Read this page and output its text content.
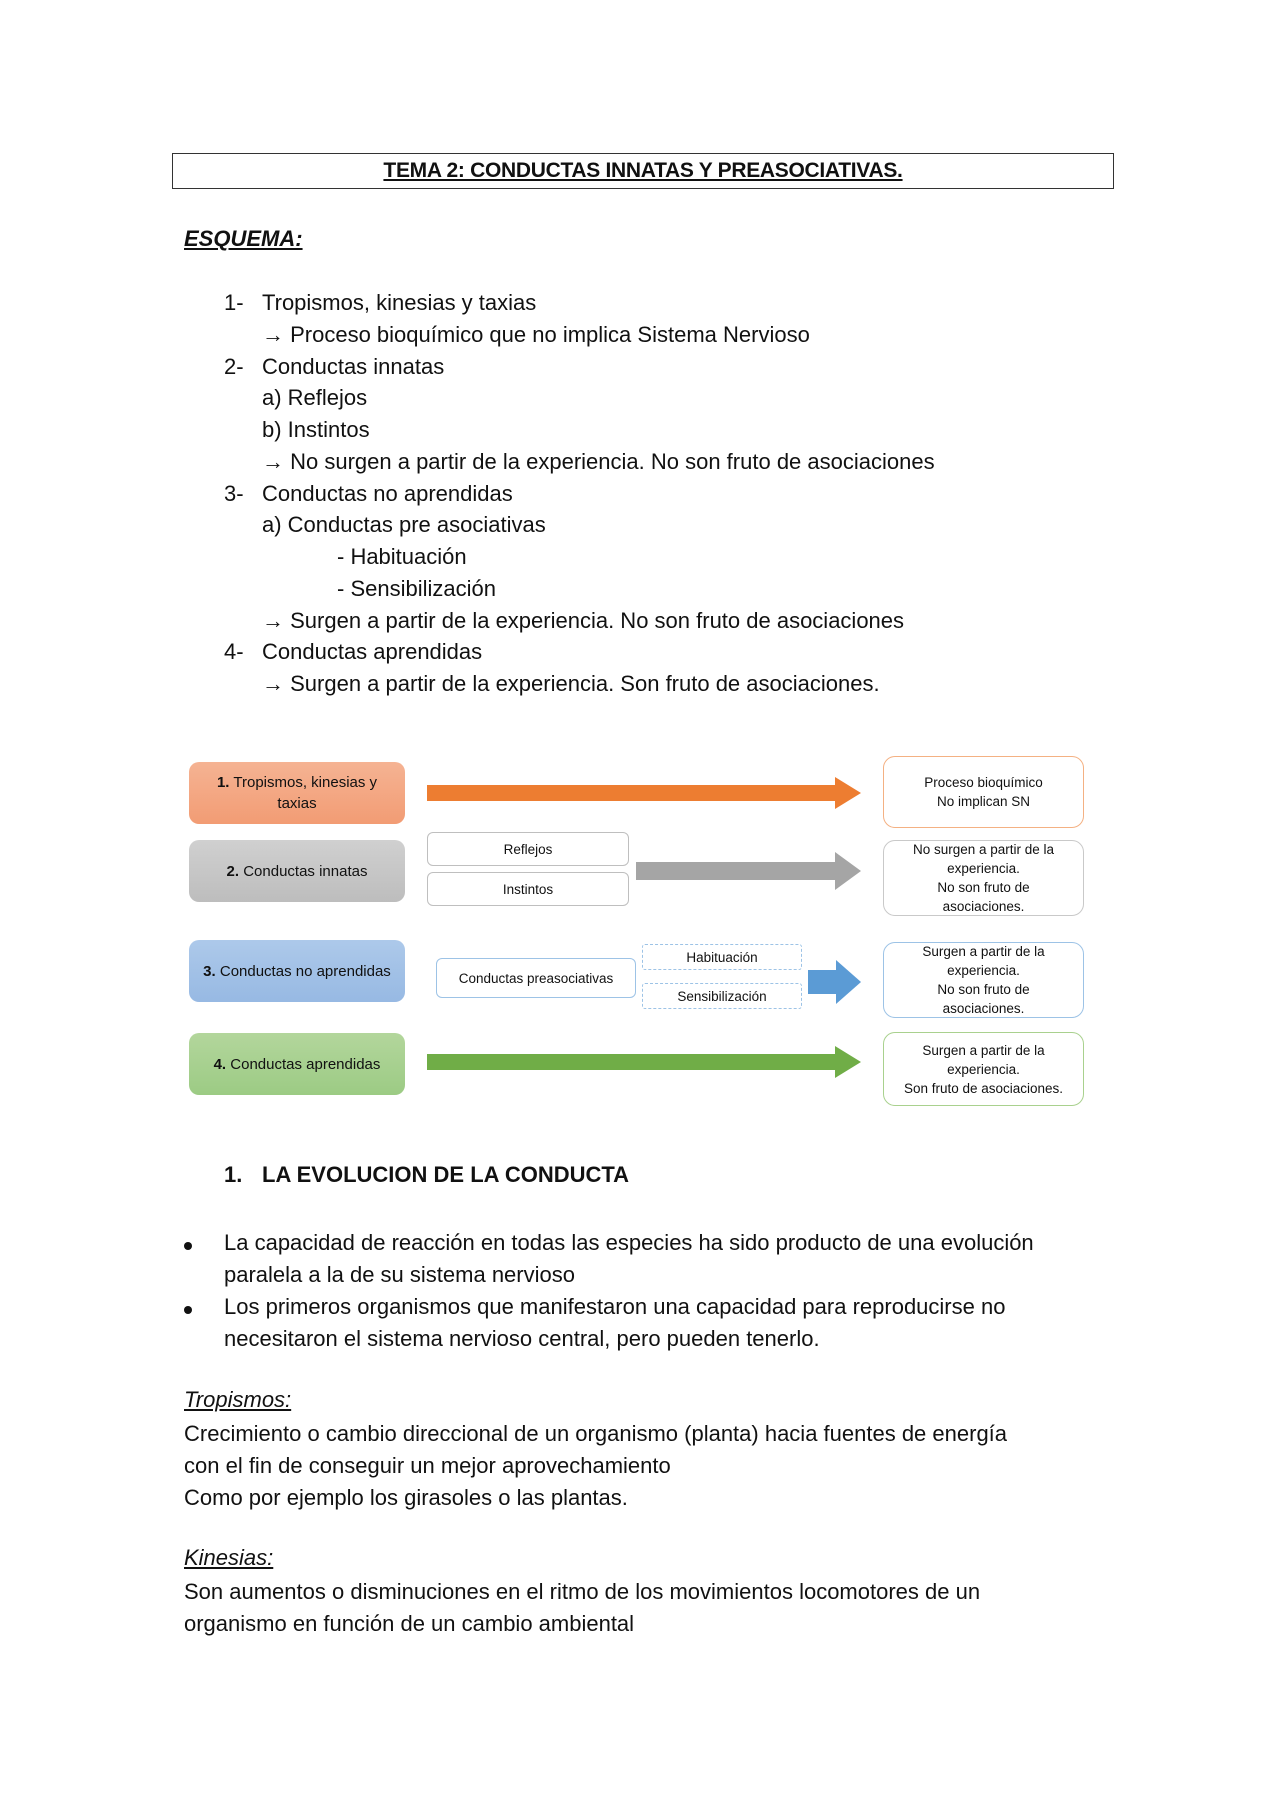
TEMA 2: CONDUCTAS INNATAS Y PREASOCIATIVAS.
ESQUEMA:
1- Tropismos, kinesias y taxias
→ Proceso bioquímico que no implica Sistema Nervioso
2- Conductas innatas
a) Reflejos
b) Instintos
→ No surgen a partir de la experiencia. No son fruto de asociaciones
3- Conductas no aprendidas
a) Conductas pre asociativas
- Habituación
- Sensibilización
→ Surgen a partir de la experiencia. No son fruto de asociaciones
4- Conductas aprendidas
→ Surgen a partir de la experiencia. Son fruto de asociaciones.
1. Tropismos, kinesias y taxias
Proceso bioquímico
No implican SN
2. Conductas innatas
Reflejos
Instintos
No surgen a partir de la
experiencia.
No son fruto de
asociaciones.
3. Conductas no aprendidas	Conductas preasociativas
Habituación
Sensibilización
Surgen a partir de la
experiencia.
No son fruto de
asociaciones.
4. Conductas aprendidas
Surgen a partir de la
experiencia.
Son fruto de asociaciones.
1. LA EVOLUCION DE LA CONDUCTA
La capacidad de reacción en todas las especies ha sido producto de una evolución paralela a la de su sistema nervioso
Los primeros organismos que manifestaron una capacidad para reproducirse no necesitaron el sistema nervioso central, pero pueden tenerlo.
Tropismos:
Crecimiento o cambio direccional de un organismo (planta) hacia fuentes de energía
con el fin de conseguir un mejor aprovechamiento
Como por ejemplo los girasoles o las plantas.
Kinesias:
Son aumentos o disminuciones en el ritmo de los movimientos locomotores de un
organismo en función de un cambio ambiental
